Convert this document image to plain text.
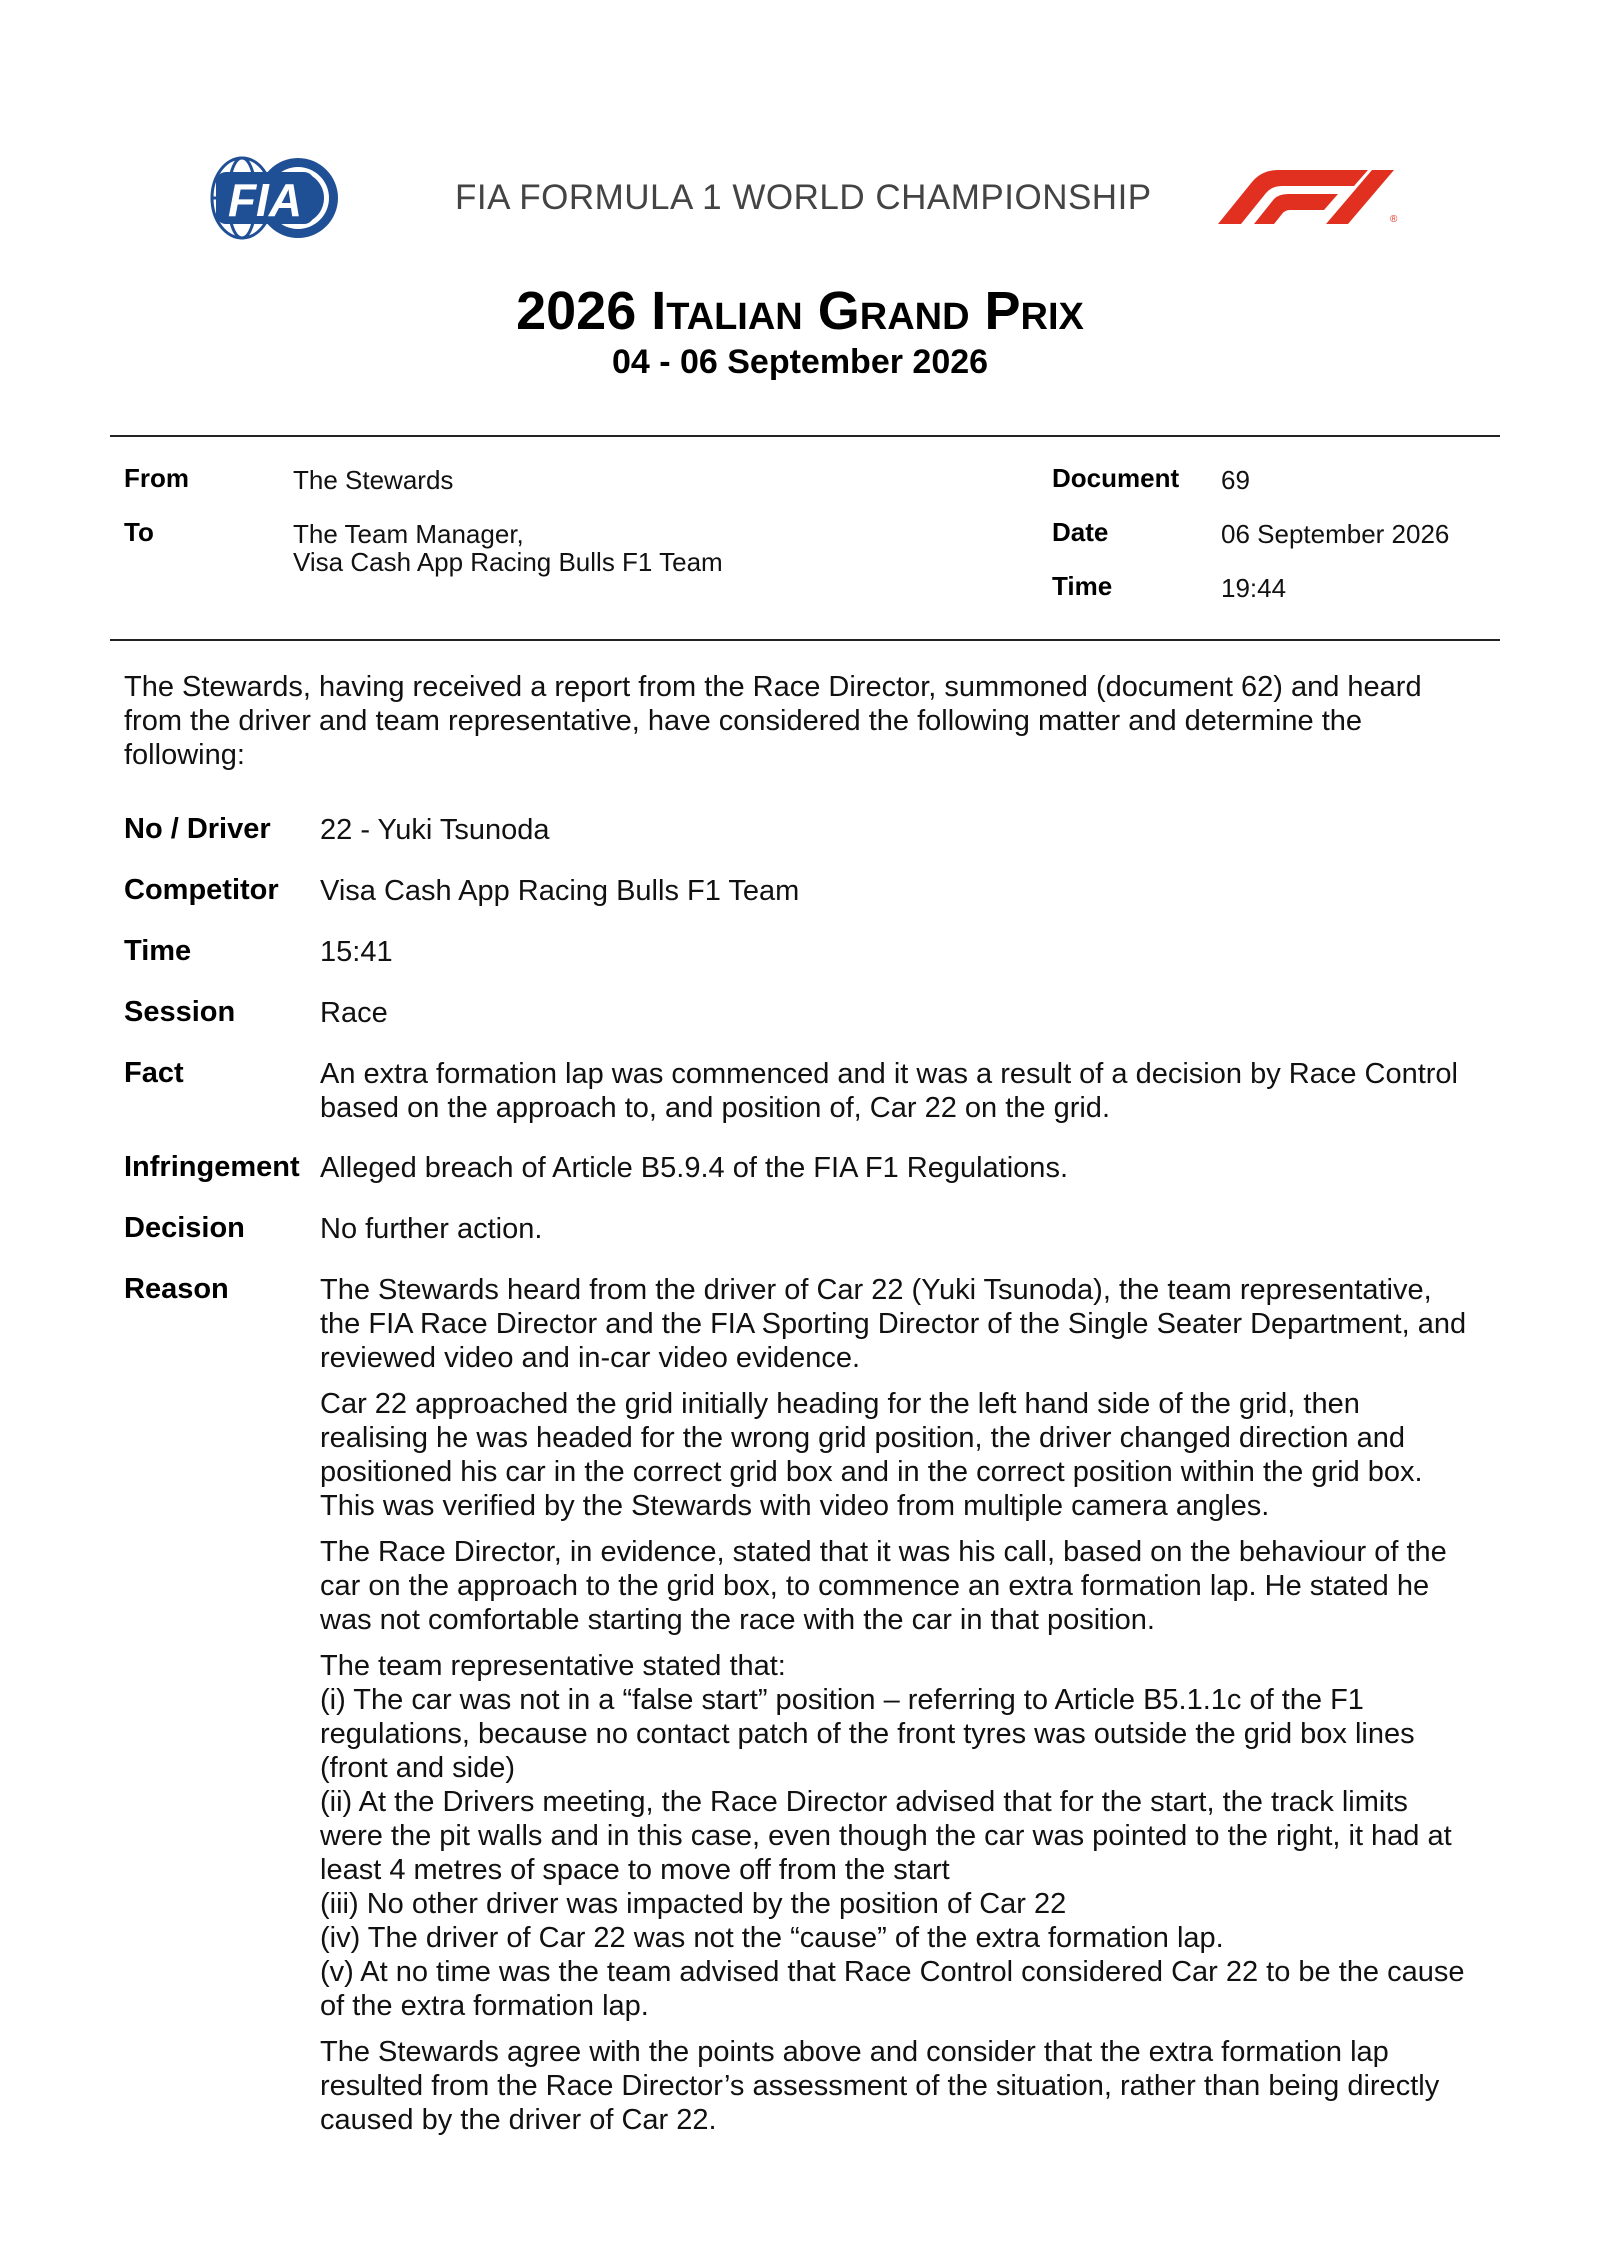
FIA	FIA FORMULA 1 WORLD CHAMPIONSHIP
®
2026 Italian Grand Prix
04 - 06 September 2026
From	The Stewards
To	The Team Manager,
Visa Cash App Racing Bulls F1 Team
Document 69
Date	06 September 2026
Time	19:44
The Stewards, having received a report from the Race Director, summoned (document 62) and heard from the driver and team representative, have considered the following matter and determine the following:
No / Driver 22 - Yuki Tsunoda
Competitor Visa Cash App Racing Bulls F1 Team
Time	15:41
Session	Race
Fact	An extra formation lap was commenced and it was a result of a decision by Race Control based on the approach to, and position of, Car 22 on the grid.
Infringement Alleged breach of Article B5.9.4 of the FIA F1 Regulations.
Decision	No further action.
Reason	The Stewards heard from the driver of Car 22 (Yuki Tsunoda), the team representative, the FIA Race Director and the FIA Sporting Director of the Single Seater Department, and reviewed video and in-car video evidence.

Car 22 approached the grid initially heading for the left hand side of the grid, then realising he was headed for the wrong grid position, the driver changed direction and positioned his car in the correct grid box and in the correct position within the grid box. This was verified by the Stewards with video from multiple camera angles.

The Race Director, in evidence, stated that it was his call, based on the behaviour of the car on the approach to the grid box, to commence an extra formation lap. He stated he was not comfortable starting the race with the car in that position.

The team representative stated that:
(i) The car was not in a “false start” position – referring to Article B5.1.1c of the F1 regulations, because no contact patch of the front tyres was outside the grid box lines (front and side)
(ii) At the Drivers meeting, the Race Director advised that for the start, the track limits were the pit walls and in this case, even though the car was pointed to the right, it had at least 4 metres of space to move off from the start
(iii) No other driver was impacted by the position of Car 22
(iv) The driver of Car 22 was not the “cause” of the extra formation lap.
(v) At no time was the team advised that Race Control considered Car 22 to be the cause of the extra formation lap.

The Stewards agree with the points above and consider that the extra formation lap resulted from the Race Director’s assessment of the situation, rather than being directly caused by the driver of Car 22.
